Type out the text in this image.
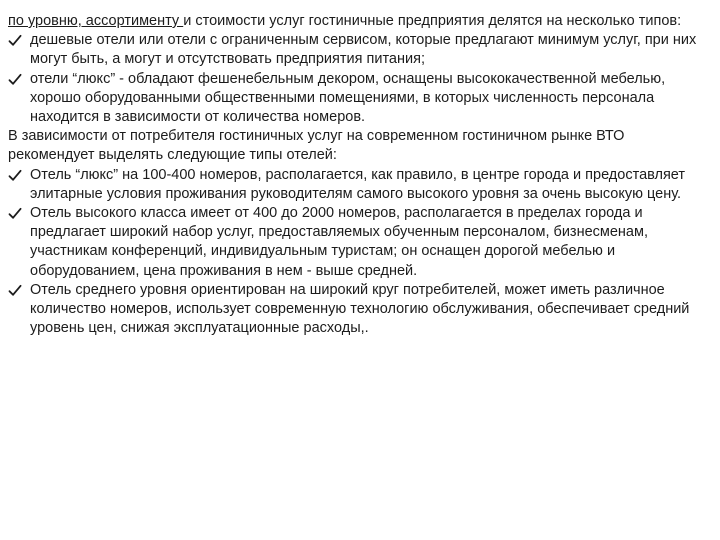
по уровню, ассортименту и стоимости услуг гостиничные предприятия делятся на несколько типов:

дешевые отели или отели с ограниченным сервисом, которые предлагают минимум услуг, при них могут быть, а могут и отсутствовать предприятия питания;
отели “люкс” - обладают фешенебельным декором, оснащены высококачественной мебелью, хорошо оборудованными общественными помещениями, в которых численность персонала находится в зависимости от количества номеров.

В зависимости от потребителя гостиничных услуг на современном гостиничном рынке ВТО рекомендует выделять следующие типы отелей:

Отель “люкс” на 100-400 номеров, располагается, как правило, в центре города и предоставляет элитарные условия проживания руководителям самого высокого уровня за очень высокую цену.
Отель высокого класса имеет от 400 до 2000 номеров, располагается в пределах города и предлагает широкий набор услуг, предоставляемых обученным персоналом, бизнесменам, участникам конференций, индивидуальным туристам; он оснащен дорогой мебелью и оборудованием, цена проживания в нем - выше средней.
Отель среднего уровня ориентирован на широкий круг потребителей, может иметь различное количество номеров, использует современную технологию обслуживания, обеспечивает средний уровень цен, снижая эксплуатационные расходы,.
